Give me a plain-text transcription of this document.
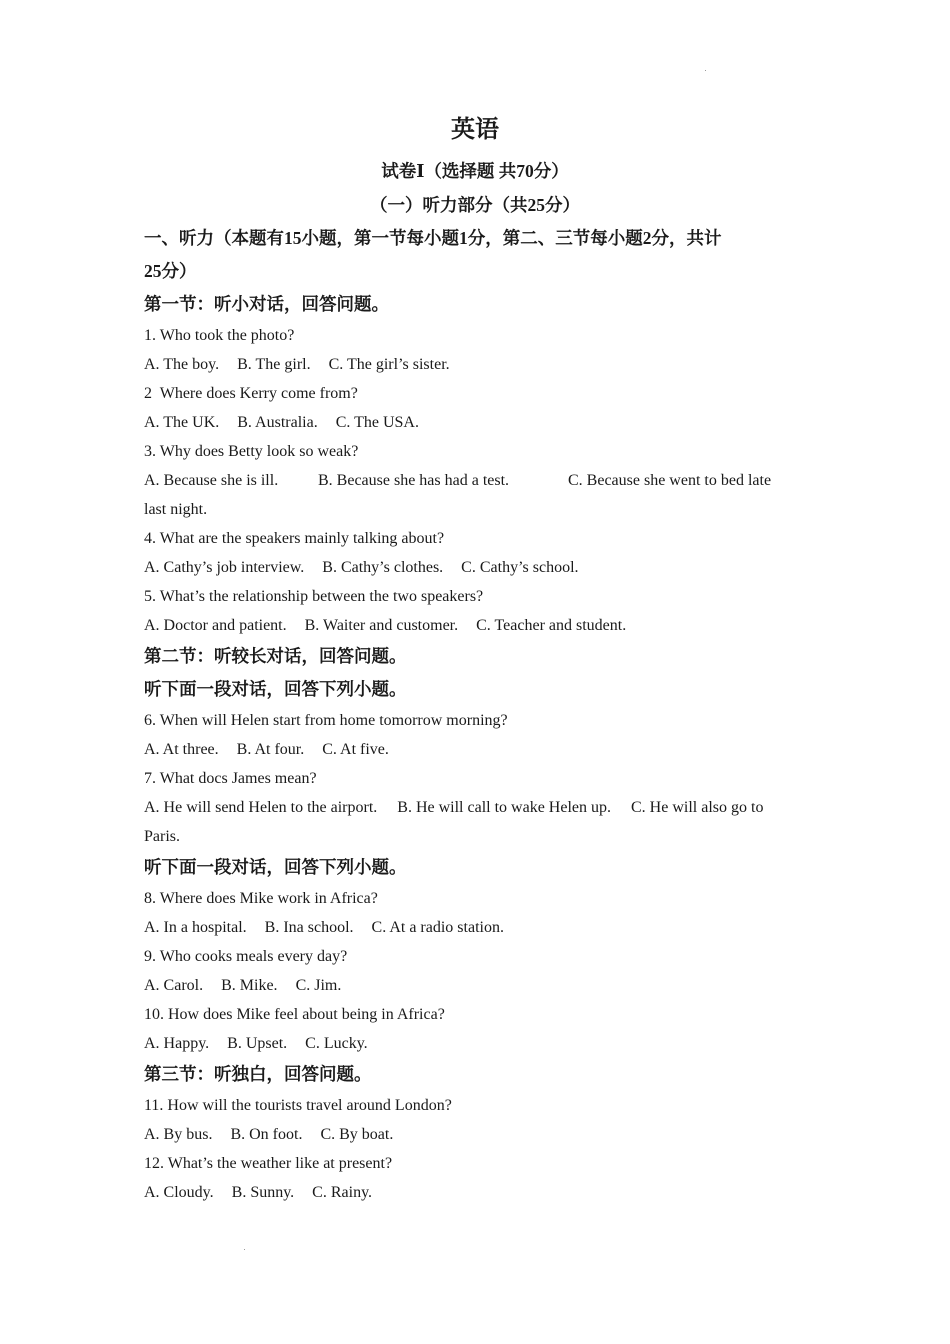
英语
试卷Ⅰ（选择题 共70分）
（一）听力部分（共25分）
一、听力（本题有15小题，第一节每小题1分，第二、三节每小题2分，共计
25分）
第一节：听小对话，回答问题。
1. Who took the photo?
A. The boy. B. The girl. C. The girl’s sister.
2  Where does Kerry come from?
A. The UK. B. Australia. C. The USA.
3. Why does Betty look so weak?
A. Because she is ill.	B. Because she has had a test.	C. Because she went to bed late
last night.
4. What are the speakers mainly talking about?
A. Cathy’s job interview. B. Cathy’s clothes. C. Cathy’s school.
5. What’s the relationship between the two speakers?
A. Doctor and patient. B. Waiter and customer. C. Teacher and student.
第二节：听较长对话，回答问题。
听下面一段对话，回答下列小题。
6. When will Helen start from home tomorrow morning?
A. At three. B. At four. C. At five.
7. What docs James mean?
A. He will send Helen to the airport. B. He will call to wake Helen up. C. He will also go to
Paris.
听下面一段对话，回答下列小题。
8. Where does Mike work in Africa?
A. In a hospital. B. Ina school. C. At a radio station.
9. Who cooks meals every day?
A. Carol. B. Mike. C. Jim.
10. How does Mike feel about being in Africa?
A. Happy. B. Upset. C. Lucky.
第三节：听独白，回答问题。
11. How will the tourists travel around London?
A. By bus. B. On foot. C. By boat.
12. What’s the weather like at present?
A. Cloudy. B. Sunny. C. Rainy.
